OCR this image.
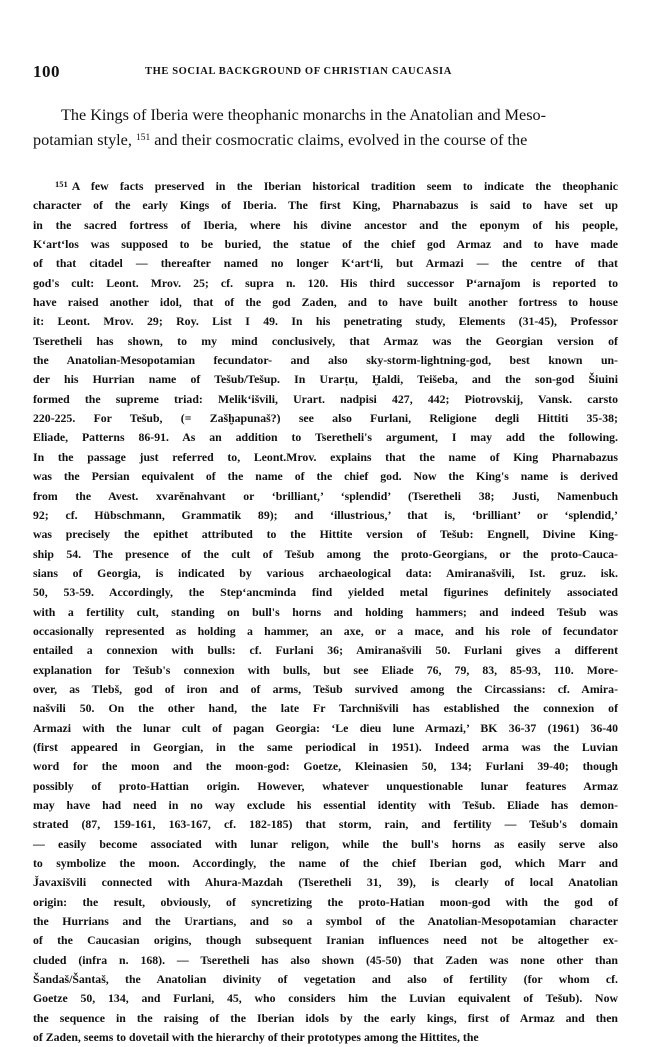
100	THE SOCIAL BACKGROUND OF CHRISTIAN CAUCASIA
The Kings of Iberia were theophanic monarchs in the Anatolian and Meso-
potamian style, $^{151}$ and their cosmocratic claims, evolved in the course of the
$^{151}$ A few facts preserved in the Iberian historical tradition seem to indicate the theophanic
character of the early Kings of Iberia. The first King, Pharnabazus is said to have set up
in the sacred fortress of Iberia, where his divine ancestor and the eponym of his people,
K‘art‘los was supposed to be buried, the statue of the chief god Armaz and to have made
of that citadel — thereafter named no longer K‘art‘li, but Armazi — the centre of that
god's cult: Leont. Mrov. 25; cf. supra n. 120. His third successor P‘arnaǰom is reported to
have raised another idol, that of the god Zaden, and to have built another fortress to house
it: Leont. Mrov. 29; Roy. List I 49. In his penetrating study, Elements (31-45), Professor
Tseretheli has shown, to my mind conclusively, that Armaz was the Georgian version of
the Anatolian-Mesopotamian fecundator- and also sky-storm-lightning-god, best known un-
der his Hurrian name of Tešub/Tešup. In Urarṭu, Ḫaldi, Teišeba, and the son-god Šiuini
formed the supreme triad: Melik‘išvili, Urart. nadpisi 427, 442; Piotrovskij, Vansk. carsto
220-225. For Tešub, (= Zašḫapunaš?) see also Furlani, Religione degli Hittiti 35-38;
Eliade, Patterns 86-91. As an addition to Tseretheli's argument, I may add the following.
In the passage just referred to, Leont.Mrov. explains that the name of King Pharnabazus
was the Persian equivalent of the name of the chief god. Now the King's name is derived
from the Avest. xvarĕnahvant or ‘brilliant,’ ‘splendid’ (Tseretheli 38; Justi, Namenbuch
92; cf. Hübschmann, Grammatik 89); and ‘illustrious,’ that is, ‘brilliant’ or ‘splendid,’
was precisely the epithet attributed to the Hittite version of Tešub: Engnell, Divine King-
ship 54. The presence of the cult of Tešub among the proto-Georgians, or the proto-Cauca-
sians of Georgia, is indicated by various archaeological data: Amiranašvili, Ist. gruz. isk.
50, 53-59. Accordingly, the Step‘ancminda find yielded metal figurines definitely associated
with a fertility cult, standing on bull's horns and holding hammers; and indeed Tešub was
occasionally represented as holding a hammer, an axe, or a mace, and his role of fecundator
entailed a connexion with bulls: cf. Furlani 36; Amiranašvili 50. Furlani gives a different
explanation for Tešub's connexion with bulls, but see Eliade 76, 79, 83, 85-93, 110. More-
over, as Tlebš, god of iron and of arms, Tešub survived among the Circassians: cf. Amira-
našvili 50. On the other hand, the late Fr Tarchnišvili has established the connexion of
Armazi with the lunar cult of pagan Georgia: ‘Le dieu lune Armazi,’ BK 36-37 (1961) 36-40
(first appeared in Georgian, in the same periodical in 1951). Indeed arma was the Luvian
word for the moon and the moon-god: Goetze, Kleinasien 50, 134; Furlani 39-40; though
possibly of proto-Hattian origin. However, whatever unquestionable lunar features Armaz
may have had need in no way exclude his essential identity with Tešub. Eliade has demon-
strated (87, 159-161, 163-167, cf. 182-185) that storm, rain, and fertility — Tešub's domain
— easily become associated with lunar religon, while the bull's horns as easily serve also
to symbolize the moon. Accordingly, the name of the chief Iberian god, which Marr and
J̌avaxišvili connected with Ahura-Mazdah (Tseretheli 31, 39), is clearly of local Anatolian
origin: the result, obviously, of syncretizing the proto-Hatian moon-god with the god of
the Hurrians and the Urartians, and so a symbol of the Anatolian-Mesopotamian character
of the Caucasian origins, though subsequent Iranian influences need not be altogether ex-
cluded (infra n. 168). — Tseretheli has also shown (45-50) that Zaden was none other than
Šandaš/Šantaš, the Anatolian divinity of vegetation and also of fertility (for whom cf.
Goetze 50, 134, and Furlani, 45, who considers him the Luvian equivalent of Tešub). Now
the sequence in the raising of the Iberian idols by the early kings, first of Armaz and then
of Zaden, seems to dovetail with the hierarchy of their prototypes among the Hittites, the
